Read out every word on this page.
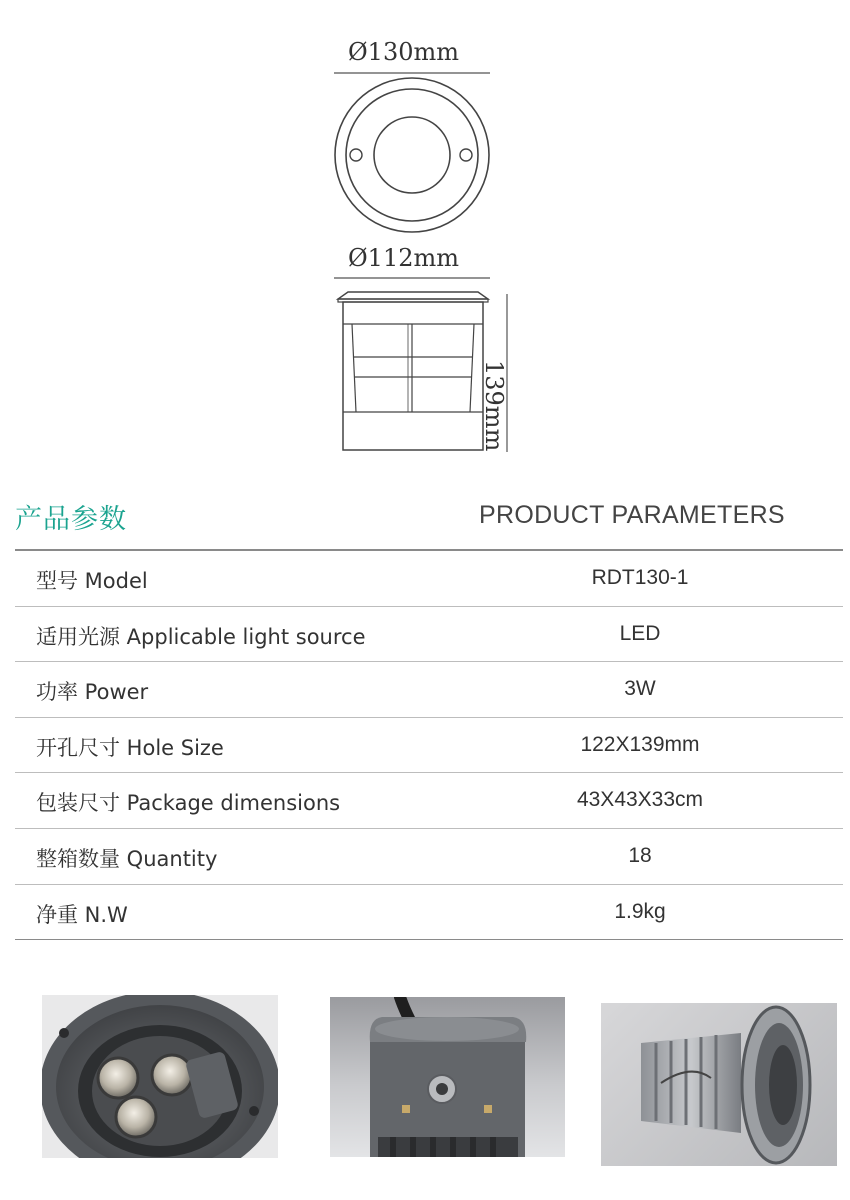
Ø130mm
Ø112mm
139mm
产品参数	PRODUCT PARAMETERS
型号 Model	RDT130-1
适用光源 Applicable light source	LED
功率 Power	3W
开孔尺寸 Hole Size	122X139mm
包装尺寸 Package dimensions	43X43X33cm
整箱数量 Quantity	18
净重 N.W	1.9kg
